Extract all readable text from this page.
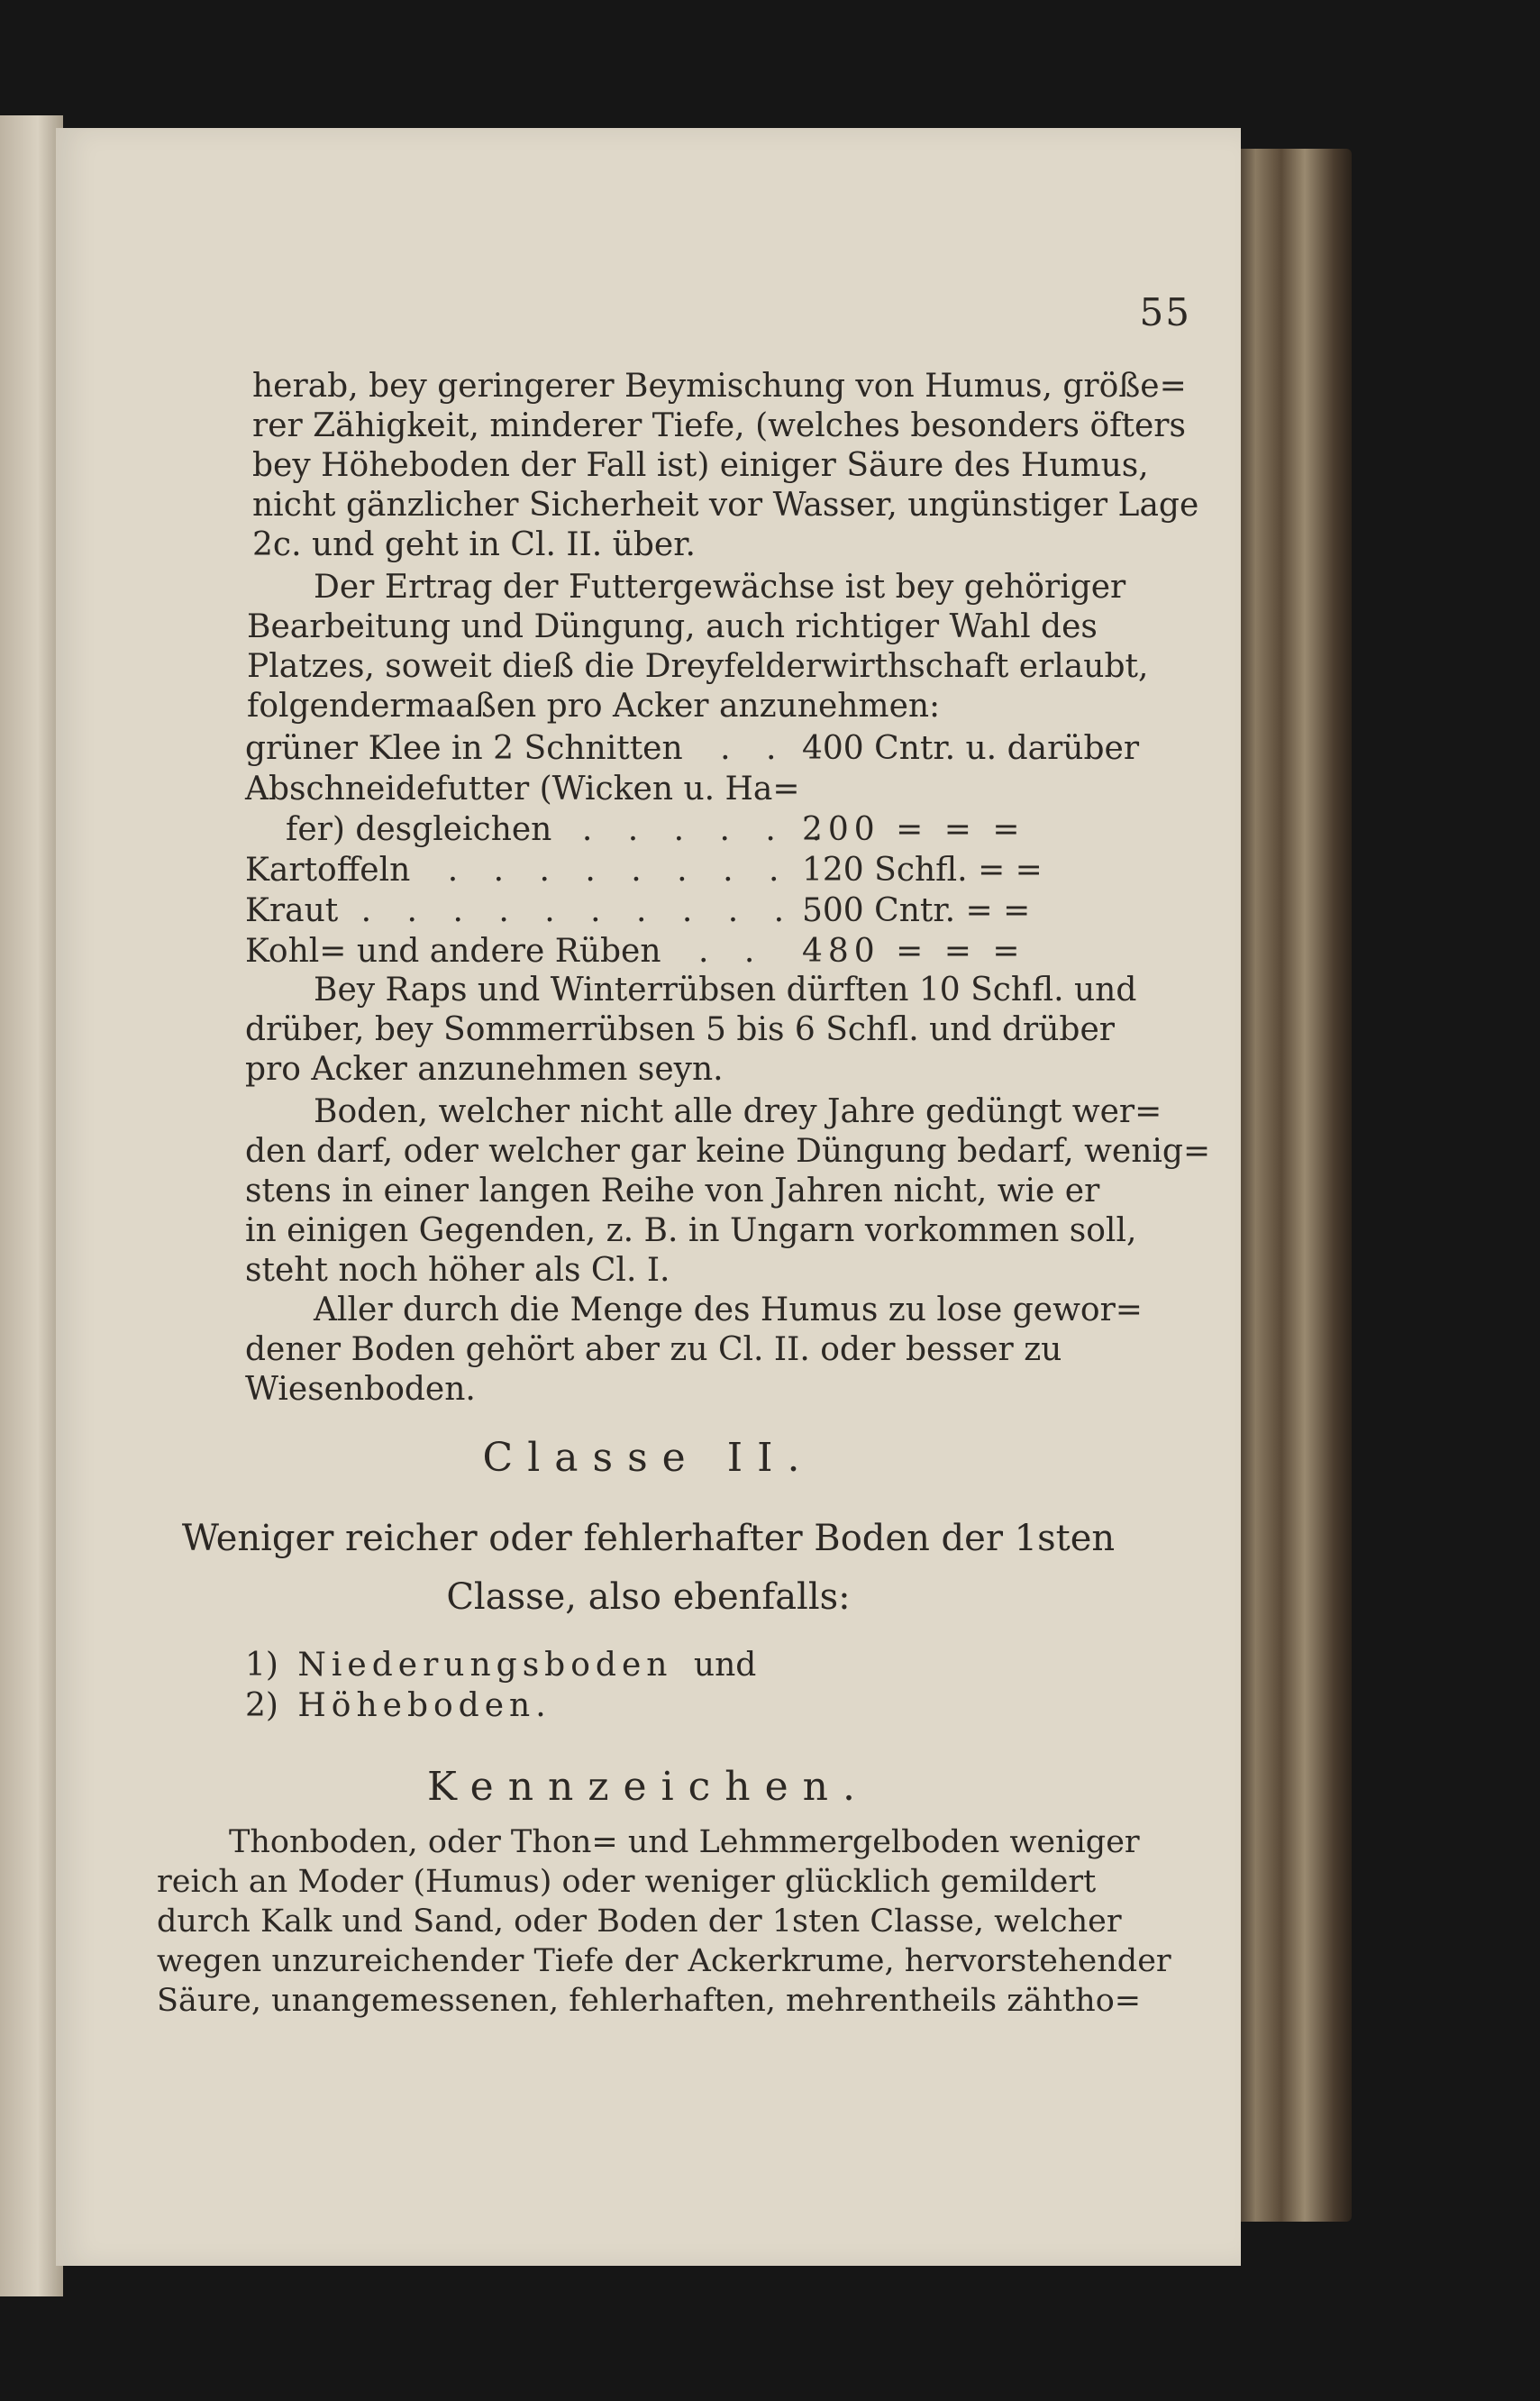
55
herab, bey geringerer Beymischung von Humus, größe=
rer Zähigkeit, minderer Tiefe, (welches besonders öfters
bey Höheboden der Fall ist) einiger Säure des Humus,
nicht gänzlicher Sicherheit vor Wasser, ungünstiger Lage
2c. und geht in Cl. II. über.
Der Ertrag der Futtergewächse ist bey gehöriger
Bearbeitung und Düngung, auch richtiger Wahl des
Platzes, soweit dieß die Dreyfelderwirthschaft erlaubt,
folgendermaaßen pro Acker anzunehmen:
grüner Klee in 2 Schnitten . . 400 Cntr. u. darüber
Abschneidefutter (Wicken u. Ha=
fer) desgleichen . . . . . .
200 = = =
Kartoffeln . . . . . . . . 120 Schfl. = =
Kraut . . . . . . . . . . 500 Cntr. = =
Kohl= und andere Rüben . . 480 = = =
Bey Raps und Winterrübsen dürften 10 Schfl. und
drüber, bey Sommerrübsen 5 bis 6 Schfl. und drüber
pro Acker anzunehmen seyn.
Boden, welcher nicht alle drey Jahre gedüngt wer=
den darf, oder welcher gar keine Düngung bedarf, wenig=
stens in einer langen Reihe von Jahren nicht, wie er
in einigen Gegenden, z. B. in Ungarn vorkommen soll,
steht noch höher als Cl. I.
Aller durch die Menge des Humus zu lose gewor=
dener Boden gehört aber zu Cl. II. oder besser zu
Wiesenboden.
Classe II.
Weniger reicher oder fehlerhafter Boden der 1sten
Classe, also ebenfalls:
1) Niederungsboden und
2) Höheboden.
Kennzeichen.
Thonboden, oder Thon= und Lehmmergelboden weniger
reich an Moder (Humus) oder weniger glücklich gemildert
durch Kalk und Sand, oder Boden der 1sten Classe, welcher
wegen unzureichender Tiefe der Ackerkrume, hervorstehender
Säure, unangemessenen, fehlerhaften, mehrentheils zähtho=
